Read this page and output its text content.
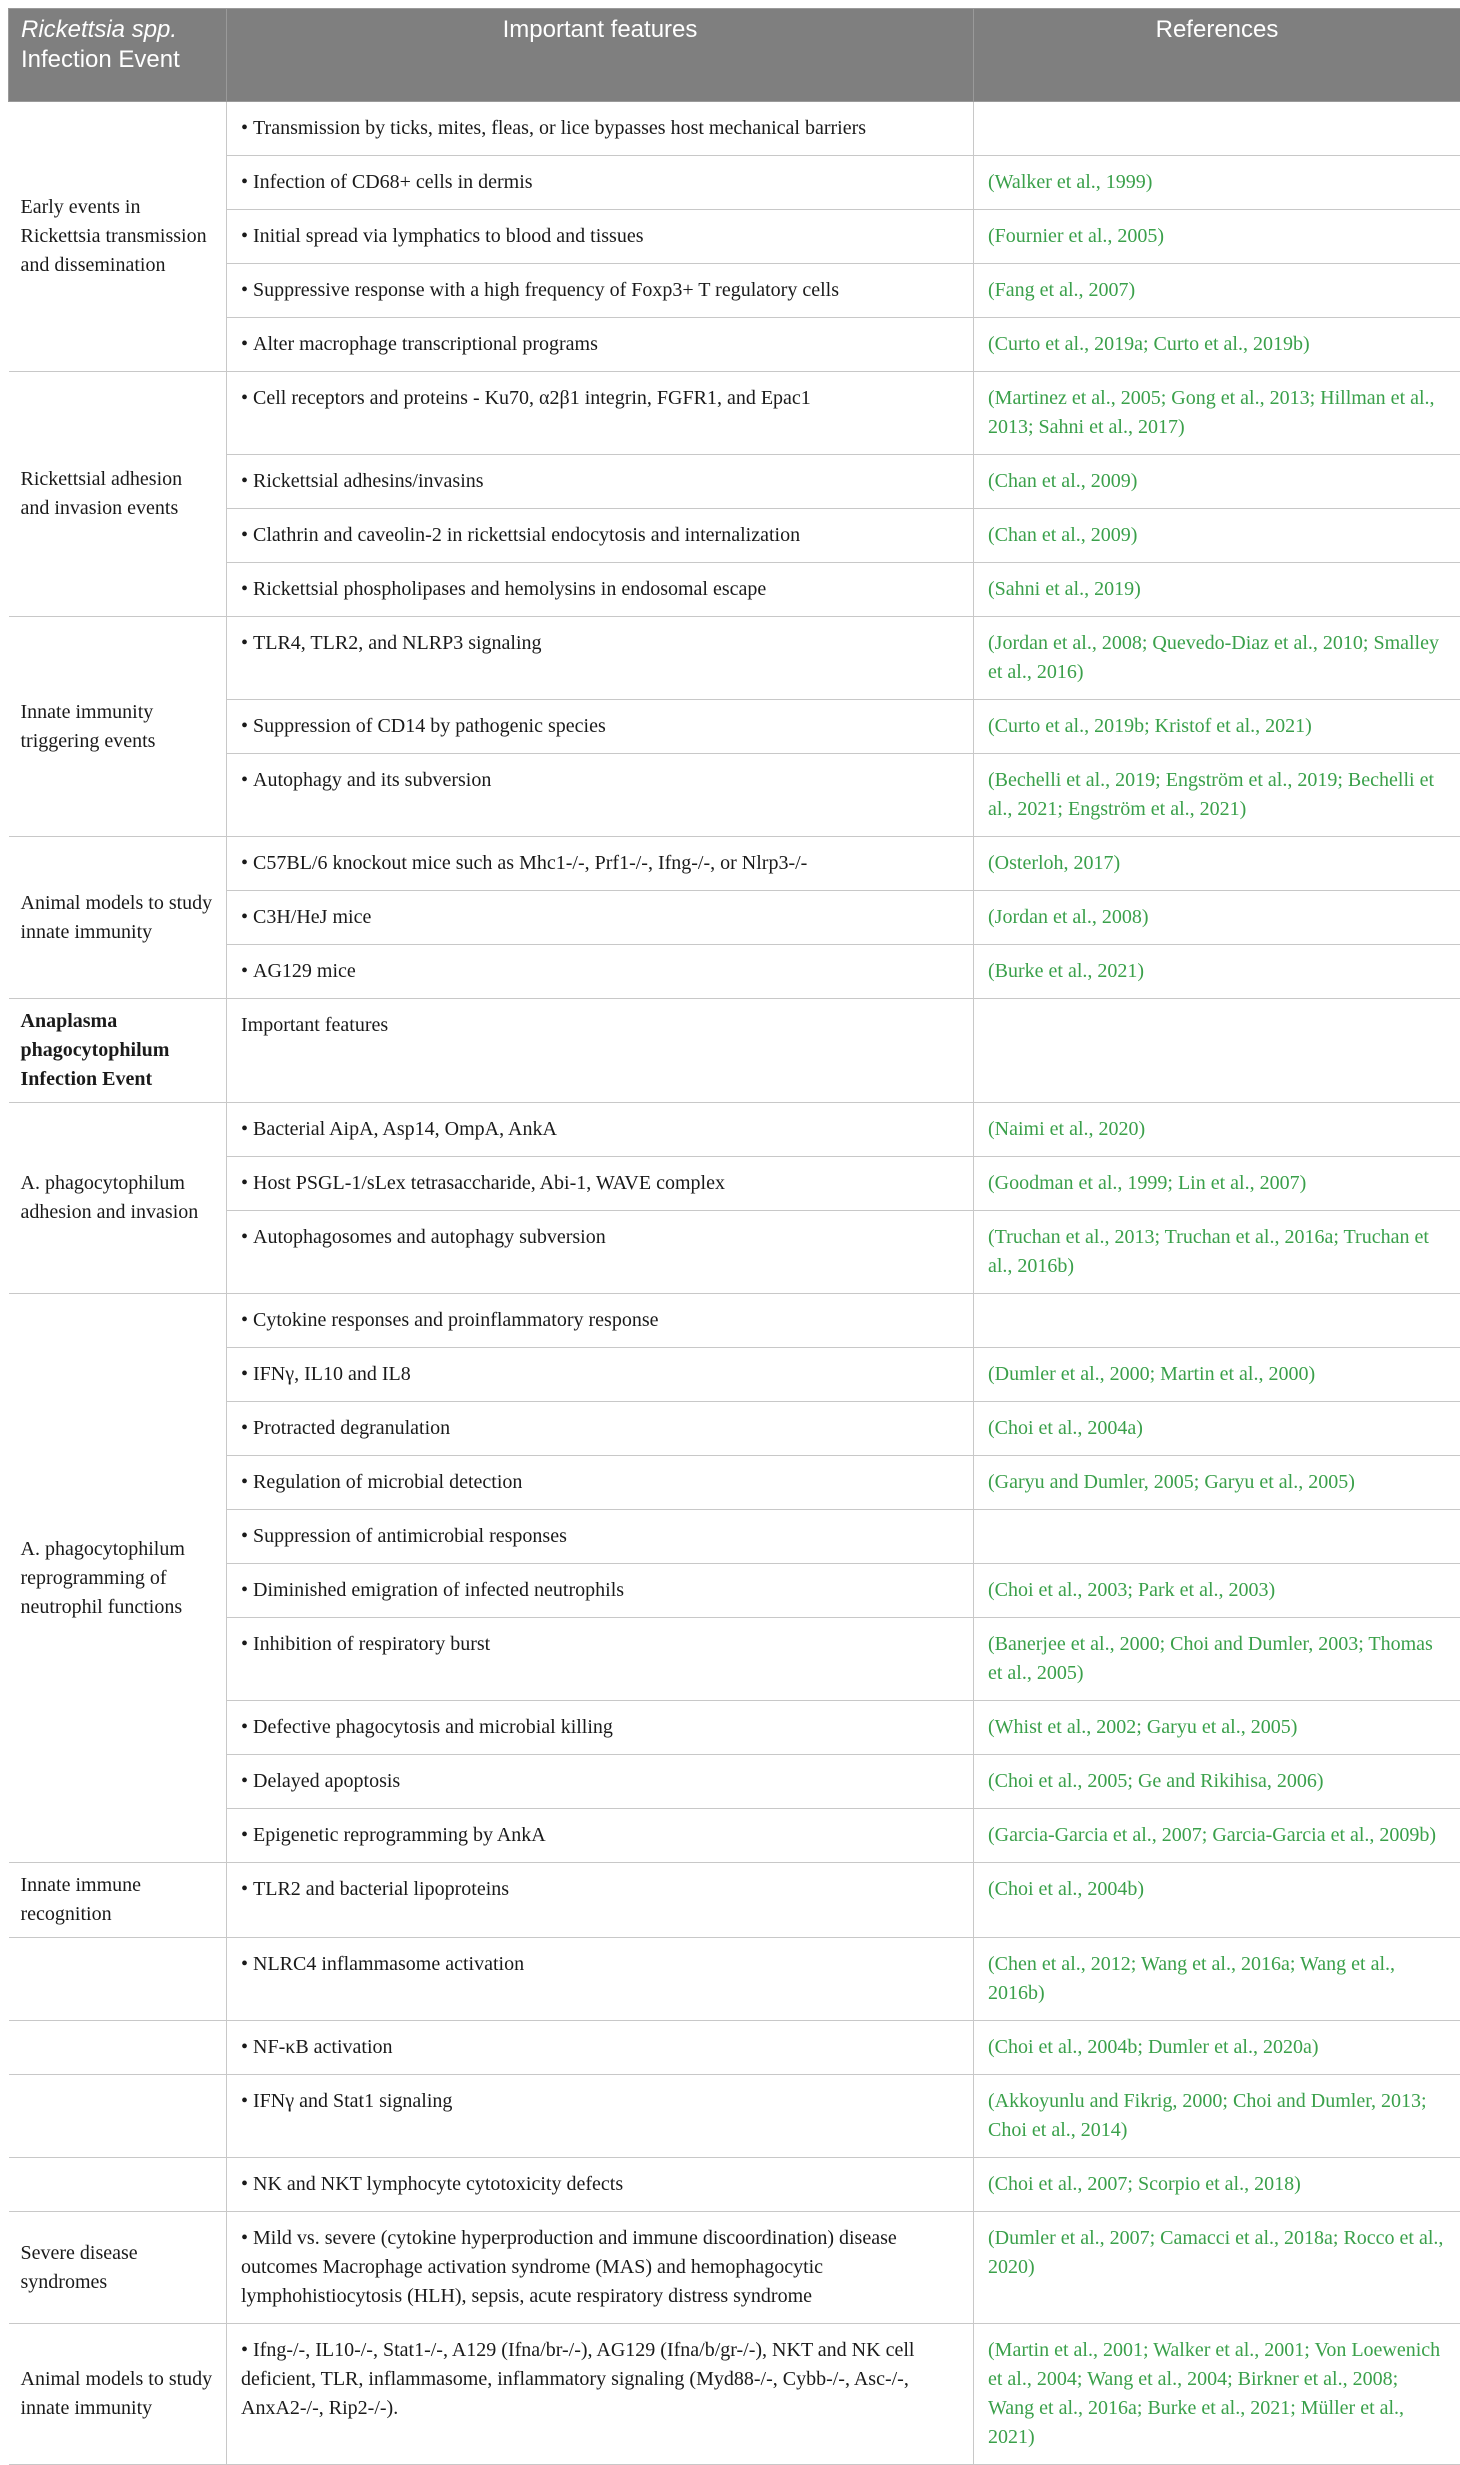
Rickettsia spp.
Infection Event	Important features	References
Early events in Rickettsia transmission and dissemination	• Transmission by ticks, mites, fleas, or lice bypasses host mechanical barriers	
	• Infection of CD68+ cells in dermis	(Walker et al., 1999)
	• Initial spread via lymphatics to blood and tissues	(Fournier et al., 2005)
	• Suppressive response with a high frequency of Foxp3+ T regulatory cells	(Fang et al., 2007)
	• Alter macrophage transcriptional programs	(Curto et al., 2019a; Curto et al., 2019b)
Rickettsial adhesion and invasion events	• Cell receptors and proteins - Ku70, α2β1 integrin, FGFR1, and Epac1	(Martinez et al., 2005; Gong et al., 2013; Hillman et al., 2013; Sahni et al., 2017)
	• Rickettsial adhesins/invasins	(Chan et al., 2009)
	• Clathrin and caveolin-2 in rickettsial endocytosis and internalization	(Chan et al., 2009)
	• Rickettsial phospholipases and hemolysins in endosomal escape	(Sahni et al., 2019)
Innate immunity triggering events	• TLR4, TLR2, and NLRP3 signaling	(Jordan et al., 2008; Quevedo-Diaz et al., 2010; Smalley et al., 2016)
	• Suppression of CD14 by pathogenic species	(Curto et al., 2019b; Kristof et al., 2021)
	• Autophagy and its subversion	(Bechelli et al., 2019; Engström et al., 2019; Bechelli et al., 2021; Engström et al., 2021)
Animal models to study innate immunity	• C57BL/6 knockout mice such as Mhc1-/-, Prf1-/-, Ifng-/-, or Nlrp3-/-	(Osterloh, 2017)
	• C3H/HeJ mice	(Jordan et al., 2008)
	• AG129 mice	(Burke et al., 2021)
Anaplasma phagocytophilum Infection Event	Important features	
A. phagocytophilum adhesion and invasion	• Bacterial AipA, Asp14, OmpA, AnkA	(Naimi et al., 2020)
	• Host PSGL-1/sLex tetrasaccharide, Abi-1, WAVE complex	(Goodman et al., 1999; Lin et al., 2007)
	• Autophagosomes and autophagy subversion	(Truchan et al., 2013; Truchan et al., 2016a; Truchan et al., 2016b)
A. phagocytophilum reprogramming of neutrophil functions	• Cytokine responses and proinflammatory response	
	• IFNγ, IL10 and IL8	(Dumler et al., 2000; Martin et al., 2000)
	• Protracted degranulation	(Choi et al., 2004a)
	• Regulation of microbial detection	(Garyu and Dumler, 2005; Garyu et al., 2005)
	• Suppression of antimicrobial responses	
	• Diminished emigration of infected neutrophils	(Choi et al., 2003; Park et al., 2003)
	• Inhibition of respiratory burst	(Banerjee et al., 2000; Choi and Dumler, 2003; Thomas et al., 2005)
	• Defective phagocytosis and microbial killing	(Whist et al., 2002; Garyu et al., 2005)
	• Delayed apoptosis	(Choi et al., 2005; Ge and Rikihisa, 2006)
	• Epigenetic reprogramming by AnkA	(Garcia-Garcia et al., 2007; Garcia-Garcia et al., 2009b)
Innate immune recognition	• TLR2 and bacterial lipoproteins	(Choi et al., 2004b)
	• NLRC4 inflammasome activation	(Chen et al., 2012; Wang et al., 2016a; Wang et al., 2016b)
	• NF-κB activation	(Choi et al., 2004b; Dumler et al., 2020a)
	• IFNγ and Stat1 signaling	(Akkoyunlu and Fikrig, 2000; Choi and Dumler, 2013; Choi et al., 2014)
	• NK and NKT lymphocyte cytotoxicity defects	(Choi et al., 2007; Scorpio et al., 2018)
Severe disease syndromes	• Mild vs. severe (cytokine hyperproduction and immune discoordination) disease outcomes Macrophage activation syndrome (MAS) and hemophagocytic lymphohistiocytosis (HLH), sepsis, acute respiratory distress syndrome	(Dumler et al., 2007; Camacci et al., 2018a; Rocco et al., 2020)
Animal models to study innate immunity	• Ifng-/-, IL10-/-, Stat1-/-, A129 (Ifna/br-/-), AG129 (Ifna/b/gr-/-), NKT and NK cell deficient, TLR, inflammasome, inflammatory signaling (Myd88-/-, Cybb-/-, Asc-/-, AnxA2-/-, Rip2-/-).	(Martin et al., 2001; Walker et al., 2001; Von Loewenich et al., 2004; Wang et al., 2004; Birkner et al., 2008; Wang et al., 2016a; Burke et al., 2021; Müller et al., 2021)
